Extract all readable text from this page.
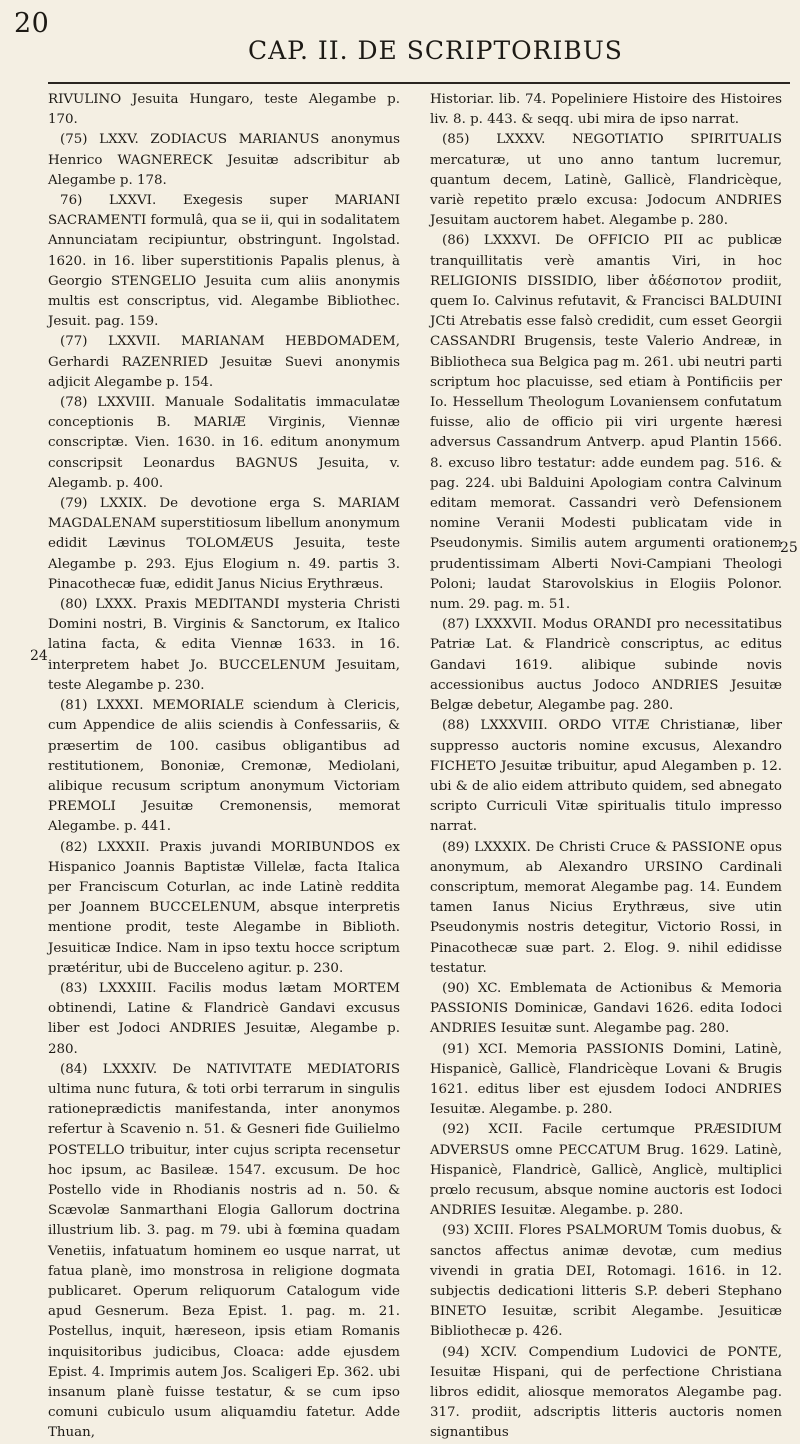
20
CAP. II. DE SCRIPTORIBUS
24
25

RIVULINO Jesuita Hungaro, teste Alegambe p. 170.

(75) LXXV. ZODIACUS MARIANUS anonymus Henrico WAGNERECK Jesuitæ adscribitur ab Alegambe p. 178.

76) LXXVI. Exegesis super MARIANI SACRAMENTI formulâ, qua se ii, qui in sodalitatem Annunciatam recipiuntur, obstringunt. Ingolstad. 1620. in 16. liber superstitionis Papalis plenus, à Georgio STENGELIO Jesuita cum aliis anonymis multis est conscriptus, vid. Alegambe Bibliothec. Jesuit. pag. 159.

(77) LXXVII. MARIANAM HEBDOMADEM, Gerhardi RAZENRIED Jesuitæ Suevi anonymis adjicit Alegambe p. 154.

(78) LXXVIII. Manuale Sodalitatis immaculatæ conceptionis B. MARIÆ Virginis, Viennæ conscriptæ. Vien. 1630. in 16. editum anonymum conscripsit Leonardus BAGNUS Jesuita, v. Alegamb. p. 400.

(79) LXXIX. De devotione erga S. MARIAM MAGDALENAM superstitiosum libellum anonymum edidit Lævinus TOLOMÆUS Jesuita, teste Alegambe p. 293. Ejus Elogium n. 49. partis 3. Pinacothecæ fuæ, edidit Janus Nicius Erythræus.

(80) LXXX. Praxis MEDITANDI mysteria Christi Domini nostri, B. Virginis & Sanctorum, ex Italico latina facta, & edita Viennæ 1633. in 16. interpretem habet Jo. BUCCELENUM Jesuitam, teste Alegambe p. 230.

(81) LXXXI. MEMORIALE sciendum à Clericis, cum Appendice de aliis sciendis à Confessariis, & præsertim de 100. casibus obligantibus ad restitutionem, Bononiæ, Cremonæ, Mediolani, alibique recusum scriptum anonymum Victoriam PREMOLI Jesuitæ Cremonensis, memorat Alegambe. p. 441.

(82) LXXXII. Praxis juvandi MORIBUNDOS ex Hispanico Joannis Baptistæ Villelæ, facta Italica per Franciscum Coturlan, ac inde Latinè reddita per Joannem BUCCELENUM, absque interpretis mentione prodit, teste Alegambe in Biblioth. Jesuiticæ Indice. Nam in ipso textu hocce scriptum prætéritur, ubi de Bucceleno agitur. p. 230.

(83) LXXXIII. Facilis modus lætam MORTEM obtinendi, Latine & Flandricè Gandavi excusus liber est Jodoci ANDRIES Jesuitæ, Alegambe p. 280.

(84) LXXXIV. De NATIVITATE MEDIATORIS ultima nunc futura, & toti orbi terrarum in singulis rationeprædictis manifestanda, inter anonymos refertur à Scavenio n. 51. & Gesneri fide Guilielmo POSTELLO tribuitur, inter cujus scripta recensetur hoc ipsum, ac Basileæ. 1547. excusum. De hoc Postello vide in Rhodianis nostris ad n. 50. & Scævolæ Sanmarthani Elogia Gallorum doctrina illustrium lib. 3. pag. m 79. ubi à fœmina quadam Venetiis, infatuatum hominem eo usque narrat, ut fatua planè, imo monstrosa in religione dogmata publicaret. Operum reliquorum Catalogum vide apud Gesnerum. Beza Epist. 1. pag. m. 21. Postellus, inquit, hæreseon, ipsis etiam Romanis inquisitoribus judicibus, Cloaca: adde ejusdem Epist. 4. Imprimis autem Jos. Scaligeri Ep. 362. ubi insanum planè fuisse testatur, & se cum ipso comuni cubiculo usum aliquamdiu fatetur. Adde Thuan,

Historiar. lib. 74. Popeliniere Histoire des Histoires liv. 8. p. 443. & seqq. ubi mira de ipso narrat.

(85) LXXXV. NEGOTIATIO SPIRITUALIS mercaturæ, ut uno anno tantum lucremur, quantum decem, Latinè, Gallicè, Flandricèque, variè repetito prælo excusa: Jodocum ANDRIES Jesuitam auctorem habet. Alegambe p. 280.

(86) LXXXVI. De OFFICIO PII ac publicæ tranquillitatis verè amantis Viri, in hoc RELIGIONIS DISSIDIO, liber ἀδέσποτον prodiit, quem Io. Calvinus refutavit, & Francisci BALDUINI JCti Atrebatis esse falsò credidit, cum esset Georgii CASSANDRI Brugensis, teste Valerio Andreæ, in Bibliotheca sua Belgica pag m. 261. ubi neutri parti scriptum hoc placuisse, sed etiam à Pontificiis per Io. Hessellum Theologum Lovaniensem confutatum fuisse, alio de officio pii viri urgente hæresi adversus Cassandrum Antverp. apud Plantin 1566. 8. excuso libro testatur: adde eundem pag. 516. & pag. 224. ubi Balduini Apologiam contra Calvinum editam memorat. Cassandri verò Defensionem nomine Veranii Modesti publicatam vide in Pseudonymis. Similis autem argumenti orationem prudentissimam Alberti Novi-Campiani Theologi Poloni; laudat Starovolskius in Elogiis Polonor. num. 29. pag. m. 51.

(87) LXXXVII. Modus ORANDI pro necessitatibus Patriæ Lat. & Flandricè conscriptus, ac editus Gandavi 1619. alibique subinde novis accessionibus auctus Jodoco ANDRIES Jesuitæ Belgæ debetur, Alegambe pag. 280.

(88) LXXXVIII. ORDO VITÆ Christianæ, liber suppresso auctoris nomine excusus, Alexandro FICHETO Jesuitæ tribuitur, apud Alegamben p. 12. ubi & de alio eidem attributo quidem, sed abnegato scripto Curriculi Vitæ spiritualis titulo impresso narrat.

(89) LXXXIX. De Christi Cruce & PASSIONE opus anonymum, ab Alexandro URSINO Cardinali conscriptum, memorat Alegambe pag. 14. Eundem tamen Ianus Nicius Erythræus, sive utin Pseudonymis nostris detegitur, Victorio Rossi, in Pinacothecæ suæ part. 2. Elog. 9. nihil edidisse testatur.

(90) XC. Emblemata de Actionibus & Memoria PASSIONIS Dominicæ, Gandavi 1626. edita Iodoci ANDRIES Iesuitæ sunt. Alegambe pag. 280.

(91) XCI. Memoria PASSIONIS Domini, Latinè, Hispanicè, Gallicè, Flandricèque Lovani & Brugis 1621. editus liber est ejusdem Iodoci ANDRIES Iesuitæ. Alegambe. p. 280.

(92) XCII. Facile certumque PRÆSIDIUM ADVERSUS omne PECCATUM Brug. 1629. Latinè, Hispanicè, Flandricè, Gallicè, Anglicè, multiplici prœlo recusum, absque nomine auctoris est Iodoci ANDRIES Iesuitæ. Alegambe. p. 280.

(93) XCIII. Flores PSALMORUM Tomis duobus, & sanctos affectus animæ devotæ, cum medius vivendi in gratia DEI, Rotomagi. 1616. in 12. subjectis dedicationi litteris S.P. deberi Stephano BINETO Iesuitæ, scribit Alegambe. Jesuiticæ Bibliothecæ p. 426.

(94) XCIV. Compendium Ludovici de PONTE, Iesuitæ Hispani, qui de perfectione Christiana libros edidit, aliosque memoratos Alegambe pag. 317. prodiit, adscriptis litteris auctoris nomen signantibus
